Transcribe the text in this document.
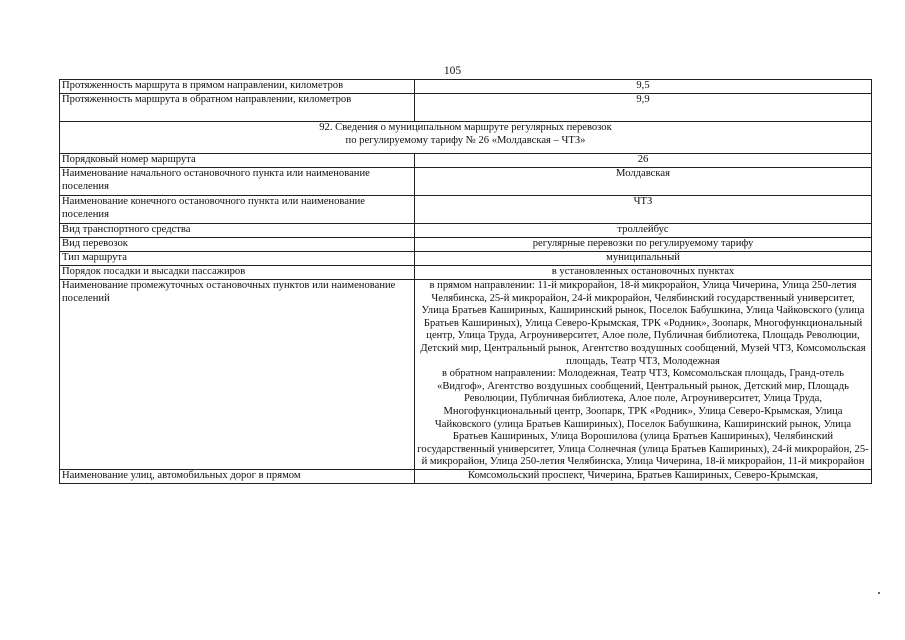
105
Протяженность маршрута в прямом направлении, километров	9,5
Протяженность маршрута в обратном направлении, километров	9,9

92. Сведения о муниципальном маршруте регулярных перевозок
по регулируемому тарифу № 26 «Молдавская – ЧТЗ»	

Порядковый номер маршрута	26
Наименование начального остановочного пункта или наименование поселения	Молдавская
Наименование конечного остановочного пункта или наименование поселения	ЧТЗ
Вид транспортного средства	троллейбус
Вид перевозок	регулярные перевозки по регулируемому тарифу
Тип маршрута	муниципальный
Порядок посадки и высадки пассажиров	в установленных остановочных пунктах
Наименование промежуточных остановочных пунктов или наименование поселений	в прямом направлении: 11-й микрорайон, 18-й микрорайон, Улица Чичерина, Улица 250-летия Челябинска, 25-й микрорайон, 24-й микрорайон, Челябинский государственный университет, Улица Братьев Кашириных, Каширинский рынок, Поселок Бабушкина, Улица Чайковского (улица Братьев Кашириных), Улица Северо-Крымская, ТРК «Родник», Зоопарк, Многофункциональный центр, Улица Труда, Агроуниверситет, Алое поле, Публичная библиотека, Площадь Революции, Детский мир, Центральный рынок, Агентство воздушных сообщений, Музей ЧТЗ, Комсомольская площадь, Театр ЧТЗ, Молодежная
в обратном направлении: Молодежная, Театр ЧТЗ, Комсомольская площадь, Гранд-отель «Видгоф», Агентство воздушных сообщений, Центральный рынок, Детский мир, Площадь Революции, Публичная библиотека, Алое поле, Агроуниверситет, Улица Труда, Многофункциональный центр, Зоопарк, ТРК «Родник», Улица Северо-Крымская, Улица Чайковского (улица Братьев Кашириных), Поселок Бабушкина, Каширинский рынок, Улица Братьев Кашириных, Улица Ворошилова (улица Братьев Кашириных), Челябинский государственный университет, Улица Солнечная (улица Братьев Кашириных), 24-й микрорайон, 25-й микрорайон, Улица 250-летия Челябинска, Улица Чичерина, 18-й микрорайон, 11-й микрорайон

Наименование улиц, автомобильных дорог в прямом	Комсомольский проспект, Чичерина, Братьев Кашириных, Северо-Крымская,
